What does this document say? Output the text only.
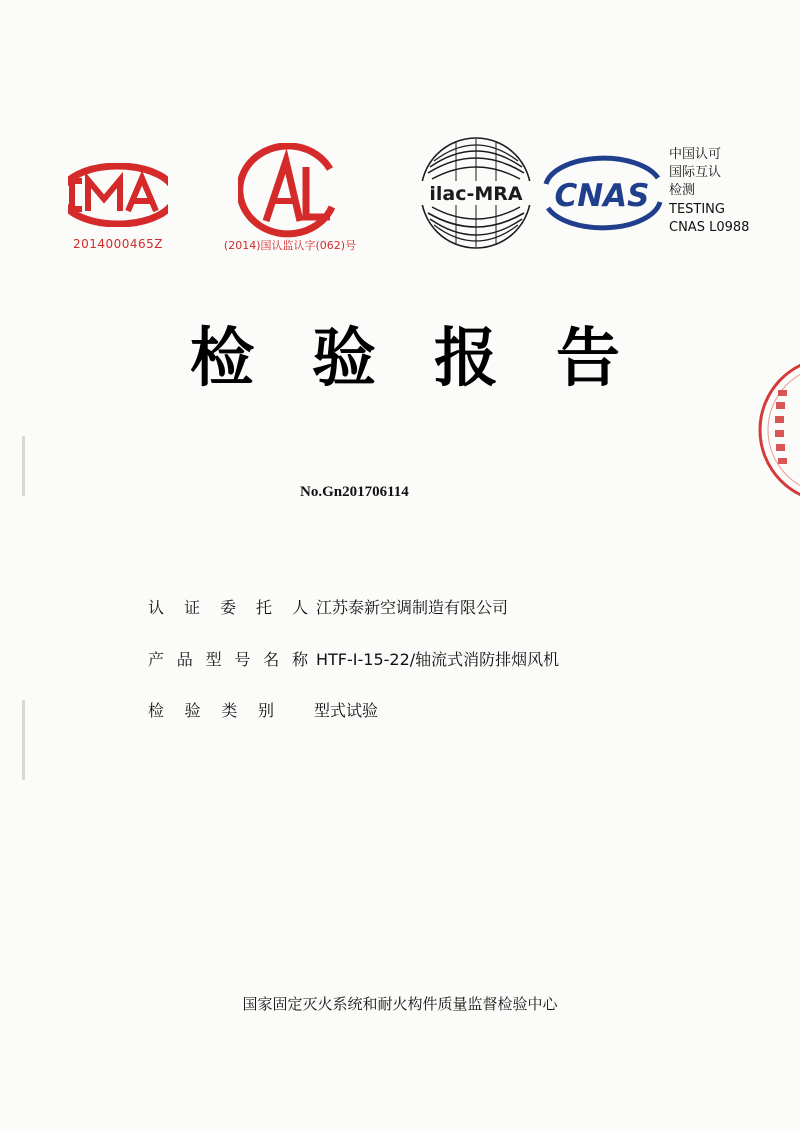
2014000465Z	(2014)国认监认字(062)号
ilac-MRA CNAS
中国认可
国际互认
检测
TESTING
CNAS L0988
检 验 报 告
No.Gn201706114
认 证 委 托 人 江苏泰新空调制造有限公司
产 品 型 号 名 称 HTF-Ⅰ-15-22/轴流式消防排烟风机
检 验 类 别	型式试验
国家固定灭火系统和耐火构件质量监督检验中心
